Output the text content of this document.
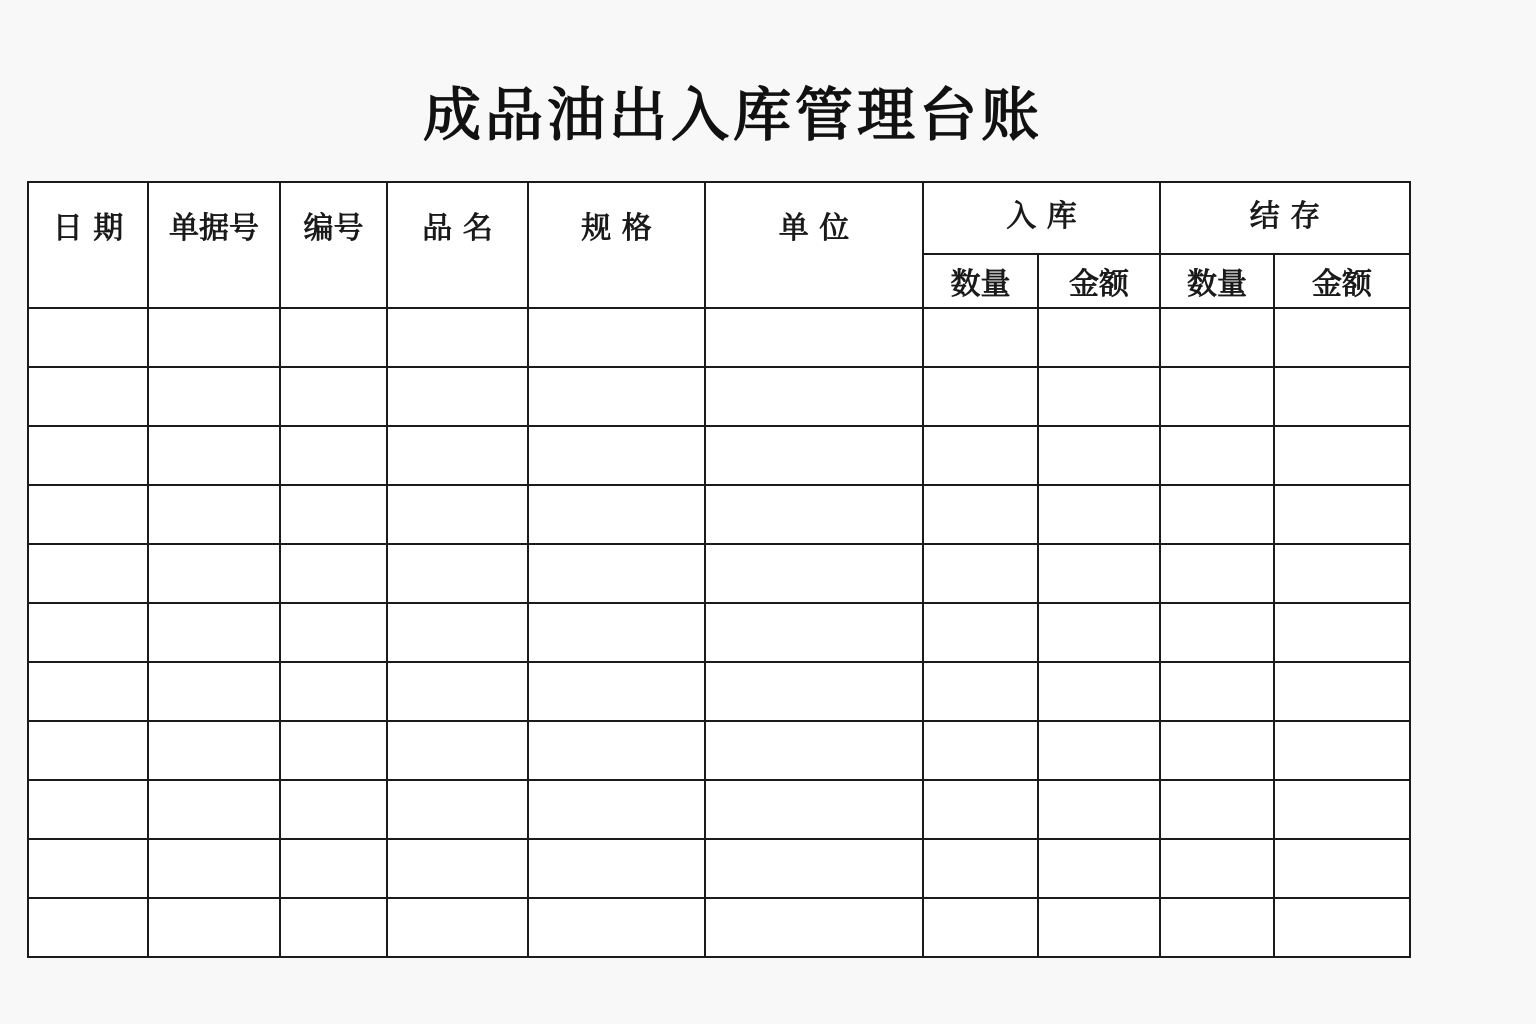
成品油出入库管理台账
日 期	单据号	编号	品 名	规 格	单 位	入 库		结 存	
						数量	金额	数量	金额
